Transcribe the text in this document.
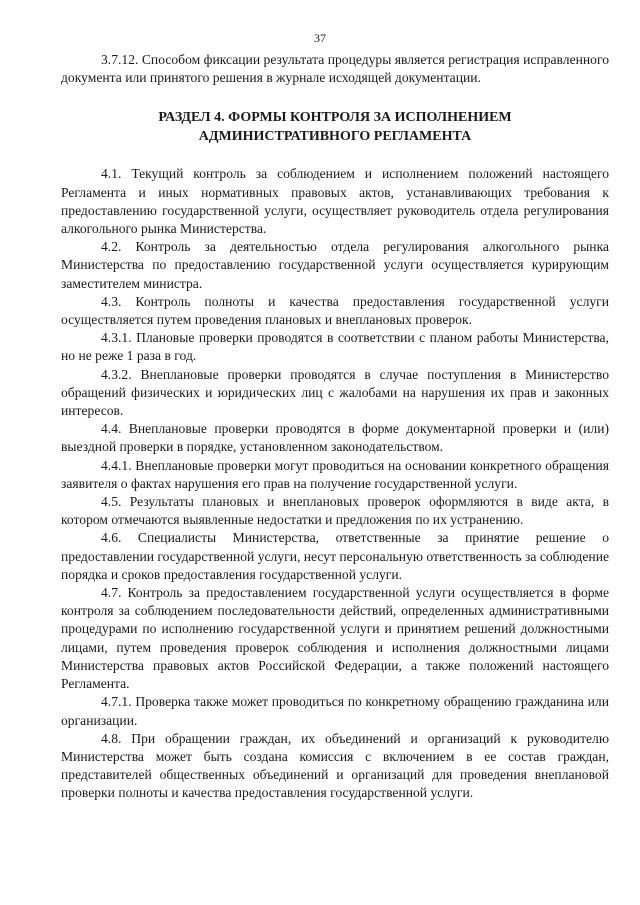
37

3.7.12. Способом фиксации результата процедуры является регистрация исправленного документа или принятого решения в журнале исходящей документации.

РАЗДЕЛ 4. ФОРМЫ КОНТРОЛЯ ЗА ИСПОЛНЕНИЕМ
АДМИНИСТРАТИВНОГО РЕГЛАМЕНТА

4.1. Текущий контроль за соблюдением и исполнением положений настоящего Регламента и иных нормативных правовых актов, устанавливающих требования к предоставлению государственной услуги, осуществляет руководитель отдела регулирования алкогольного рынка Министерства.

4.2. Контроль за деятельностью отдела регулирования алкогольного рынка Министерства по предоставлению государственной услуги осуществляется курирующим заместителем министра.

4.3. Контроль полноты и качества предоставления государственной услуги осуществляется путем проведения плановых и внеплановых проверок.

4.3.1. Плановые проверки проводятся в соответствии с планом работы Министерства, но не реже 1 раза в год.

4.3.2. Внеплановые проверки проводятся в случае поступления в Министерство обращений физических и юридических лиц с жалобами на нарушения их прав и законных интересов.

4.4. Внеплановые проверки проводятся в форме документарной проверки и (или) выездной проверки в порядке, установленном законодательством.

4.4.1. Внеплановые проверки могут проводиться на основании конкретного обращения заявителя о фактах нарушения его прав на получение государственной услуги.

4.5. Результаты плановых и внеплановых проверок оформляются в виде акта, в котором отмечаются выявленные недостатки и предложения по их устранению.

4.6. Специалисты Министерства, ответственные за принятие решение о предоставлении государственной услуги, несут персональную ответственность за соблюдение порядка и сроков предоставления государственной услуги.

4.7. Контроль за предоставлением государственной услуги осуществляется в форме контроля за соблюдением последовательности действий, определенных административными процедурами по исполнению государственной услуги и принятием решений должностными лицами, путем проведения проверок соблюдения и исполнения должностными лицами Министерства правовых актов Российской Федерации, а также положений настоящего Регламента.

4.7.1. Проверка также может проводиться по конкретному обращению гражданина или организации.

4.8. При обращении граждан, их объединений и организаций к руководителю Министерства может быть создана комиссия с включением в ее состав граждан, представителей общественных объединений и организаций для проведения внеплановой проверки полноты и качества предоставления государственной услуги.
